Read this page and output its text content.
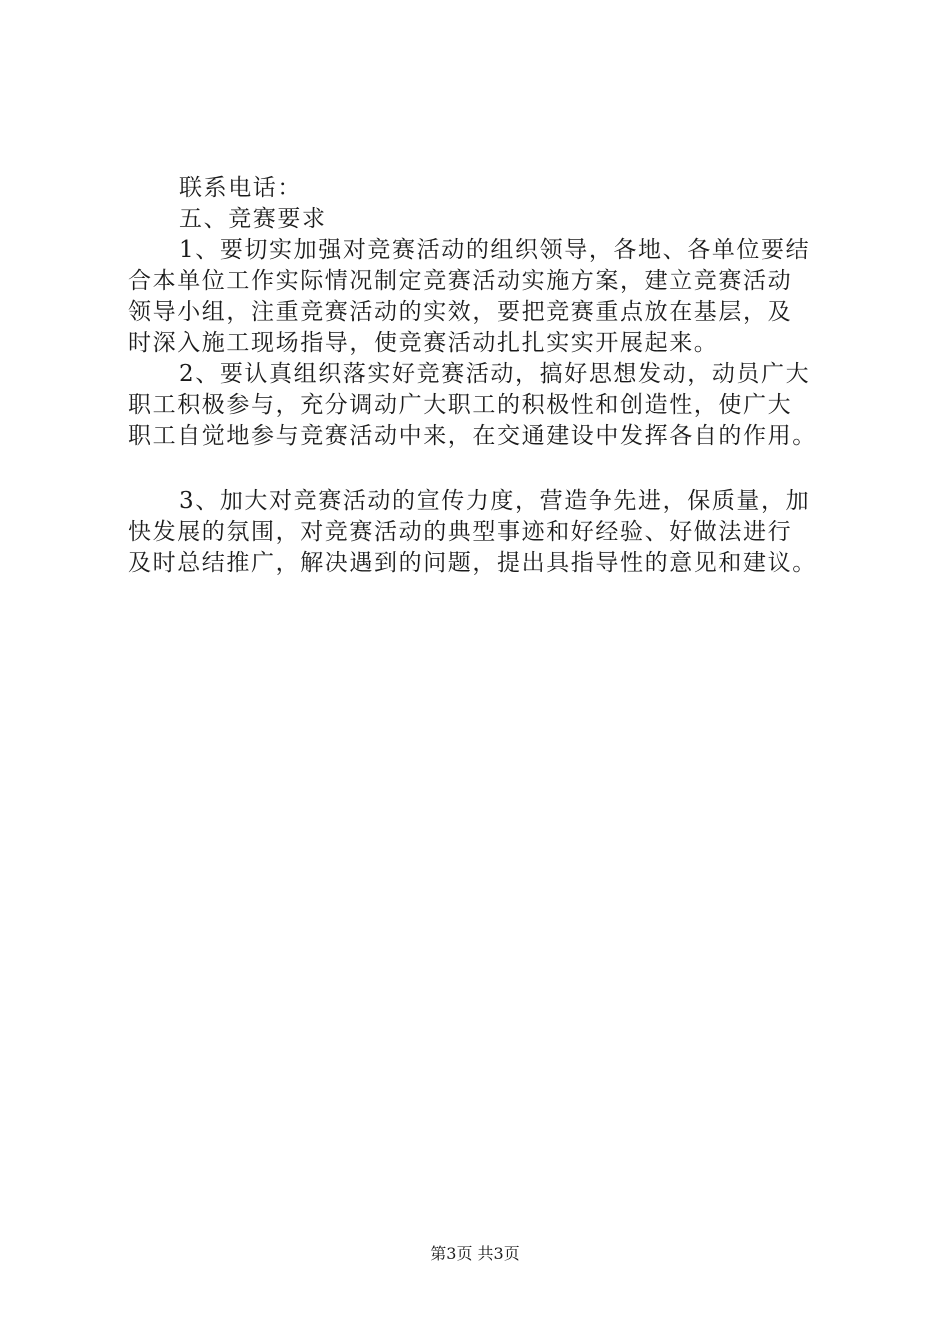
联系电话：
五、竞赛要求
1、要切实加强对竞赛活动的组织领导，各地、各单位要结
合本单位工作实际情况制定竞赛活动实施方案，建立竞赛活动
领导小组，注重竞赛活动的实效，要把竞赛重点放在基层，及
时深入施工现场指导，使竞赛活动扎扎实实开展起来。
2、要认真组织落实好竞赛活动，搞好思想发动，动员广大
职工积极参与，充分调动广大职工的积极性和创造性，使广大
职工自觉地参与竞赛活动中来，在交通建设中发挥各自的作用。
3、加大对竞赛活动的宣传力度，营造争先进，保质量，加
快发展的氛围，对竞赛活动的典型事迹和好经验、好做法进行
及时总结推广，解决遇到的问题，提出具指导性的意见和建议。
第3页 共3页
